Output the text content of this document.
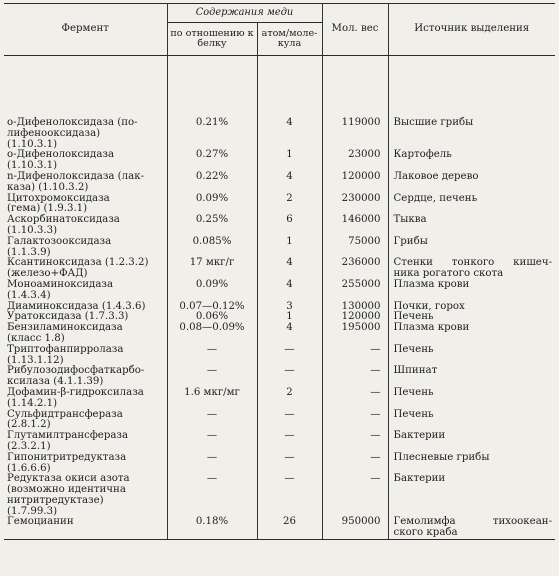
Фермент	Содержания меди		Мол. вес	Источник выделения
	по отношению к белку	атом/моле-кула		

o-Дифенолоксидаза (по-
лифенооксидаза)
(1.10.3.1)	0.21%	4	119000	Высшие грибы

o-Дифенолоксидаза
(1.10.3.1)	0.27%	1	23000	Картофель

n-Дифенолоксидаза (лак-
каза) (1.10.3.2)	0.22%	4	120000	Лаковое дерево

Цитохромоксидаза
(гема) (1.9.3.1)	0.09%	2	230000	Сердце, печень

Аскорбинатоксидаза
(1.10.3.3)	0.25%	6	146000	Тыква

Галактозооксидаза
(1.1.3.9)	0.085%	1	75000	Грибы

Ксантиноксидаза (1.2.3.2)
(железо+ФАД)	17 мкг/г	4	236000	Стенки тонкого кишеч-
ника рогатого скота

Моноаминоксидаза
(1.4.3.4)	0.09%	4	255000	Плазма крови

Диаминоксидаза (1.4.3.6)	0.07—0.12%	3	130000	Почки, горох

Уратоксидаза (1.7.3.3)	0.06%	1	120000	Печень

Бензиламиноксидаза
(класс 1.8)	0.08—0.09%	4	195000	Плазма крови

Триптофанпирролаза
(1.13.1.12)	—	—	—	Печень

Рибулозодифосфаткарбо-
ксилаза (4.1.1.39)	—	—	—	Шпинат

Дофамин-β-гидроксилаза
(1.14.2.1)	1.6 мкг/мг	2	—	Печень

Сульфидтрансфераза
(2.8.1.2)	—	—	—	Печень

Глутамилтрансфераза
(2.3.2.1)	—	—	—	Бактерии

Гипонитритредуктаза
(1.6.6.6)	—	—	—	Плесневые грибы

Редуктаза окиси азота
(возможно идентична
нитритредуктазе)
(1.7.99.3)	—	—	—	Бактерии

Гемоцианин	0.18%	26	950000	Гемолимфа тихоокеан-
ского краба
